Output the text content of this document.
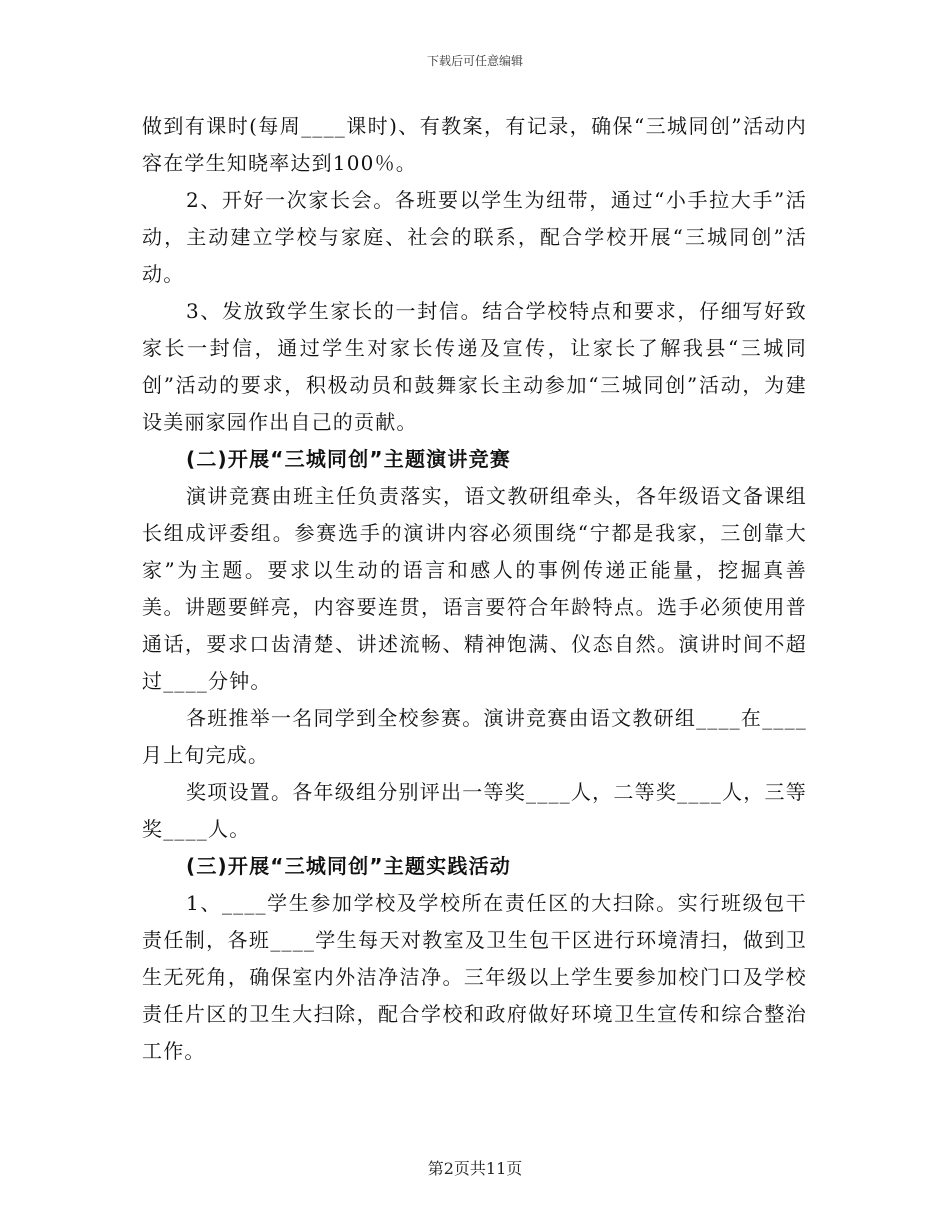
下载后可任意编辑

做到有课时(每周____课时)、有教案，有记录，确保“三城同创”活动内容在学生知晓率达到100％。

2、开好一次家长会。各班要以学生为纽带，通过“小手拉大手”活动，主动建立学校与家庭、社会的联系，配合学校开展“三城同创”活动。

3、发放致学生家长的一封信。结合学校特点和要求，仔细写好致家长一封信，通过学生对家长传递及宣传，让家长了解我县“三城同创”活动的要求，积极动员和鼓舞家长主动参加“三城同创”活动，为建设美丽家园作出自己的贡献。

(二)开展“三城同创”主题演讲竞赛

演讲竞赛由班主任负责落实，语文教研组牵头，各年级语文备课组长组成评委组。参赛选手的演讲内容必须围绕“宁都是我家，三创靠大家”为主题。要求以生动的语言和感人的事例传递正能量，挖掘真善美。讲题要鲜亮，内容要连贯，语言要符合年龄特点。选手必须使用普通话，要求口齿清楚、讲述流畅、精神饱满、仪态自然。演讲时间不超过____分钟。

各班推举一名同学到全校参赛。演讲竞赛由语文教研组____在____月上旬完成。

奖项设置。各年级组分别评出一等奖____人，二等奖____人，三等奖____人。

(三)开展“三城同创”主题实践活动

1、____学生参加学校及学校所在责任区的大扫除。实行班级包干责任制，各班____学生每天对教室及卫生包干区进行环境清扫，做到卫生无死角，确保室内外洁净洁净。三年级以上学生要参加校门口及学校责任片区的卫生大扫除，配合学校和政府做好环境卫生宣传和综合整治工作。

第2页共11页
